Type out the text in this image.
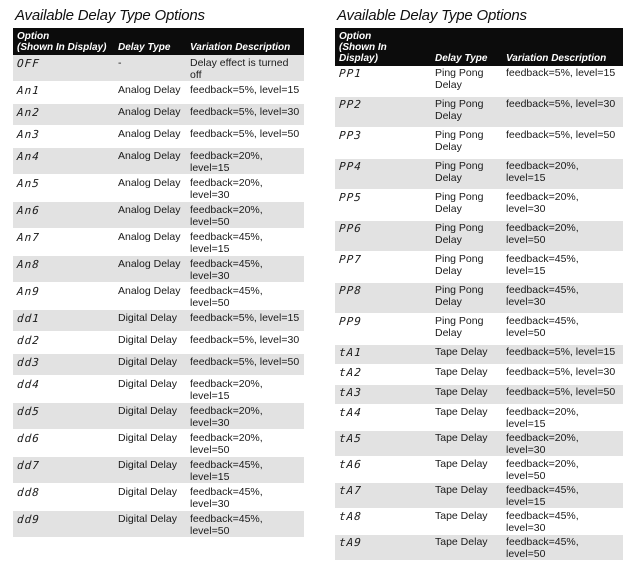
Available Delay Type Options
Option
(Shown In Display)	Delay Type	Variation Description
OFF	-	Delay effect is turned off
An1	Analog Delay	feedback=5%, level=15
An2	Analog Delay	feedback=5%, level=30
An3	Analog Delay	feedback=5%, level=50
An4	Analog Delay	feedback=20%, level=15
An5	Analog Delay	feedback=20%, level=30
An6	Analog Delay	feedback=20%, level=50
An7	Analog Delay	feedback=45%, level=15
An8	Analog Delay	feedback=45%, level=30
An9	Analog Delay	feedback=45%, level=50
dd1	Digital Delay	feedback=5%, level=15
dd2	Digital Delay	feedback=5%, level=30
dd3	Digital Delay	feedback=5%, level=50
dd4	Digital Delay	feedback=20%, level=15
dd5	Digital Delay	feedback=20%, level=30
dd6	Digital Delay	feedback=20%, level=50
dd7	Digital Delay	feedback=45%, level=15
dd8	Digital Delay	feedback=45%, level=30
dd9	Digital Delay	feedback=45%, level=50
Available Delay Type Options
Option
(Shown In Display)	Delay Type	Variation Description
PP1	Ping Pong Delay	feedback=5%, level=15
PP2	Ping Pong Delay	feedback=5%, level=30
PP3	Ping Pong Delay	feedback=5%, level=50
PP4	Ping Pong Delay	feedback=20%, level=15
PP5	Ping Pong Delay	feedback=20%, level=30
PP6	Ping Pong Delay	feedback=20%, level=50
PP7	Ping Pong Delay	feedback=45%, level=15
PP8	Ping Pong Delay	feedback=45%, level=30
PP9	Ping Pong Delay	feedback=45%, level=50
tA1	Tape Delay	feedback=5%, level=15
tA2	Tape Delay	feedback=5%, level=30
tA3	Tape Delay	feedback=5%, level=50
tA4	Tape Delay	feedback=20%, level=15
tA5	Tape Delay	feedback=20%, level=30
tA6	Tape Delay	feedback=20%, level=50
tA7	Tape Delay	feedback=45%, level=15
tA8	Tape Delay	feedback=45%, level=30
tA9	Tape Delay	feedback=45%, level=50
